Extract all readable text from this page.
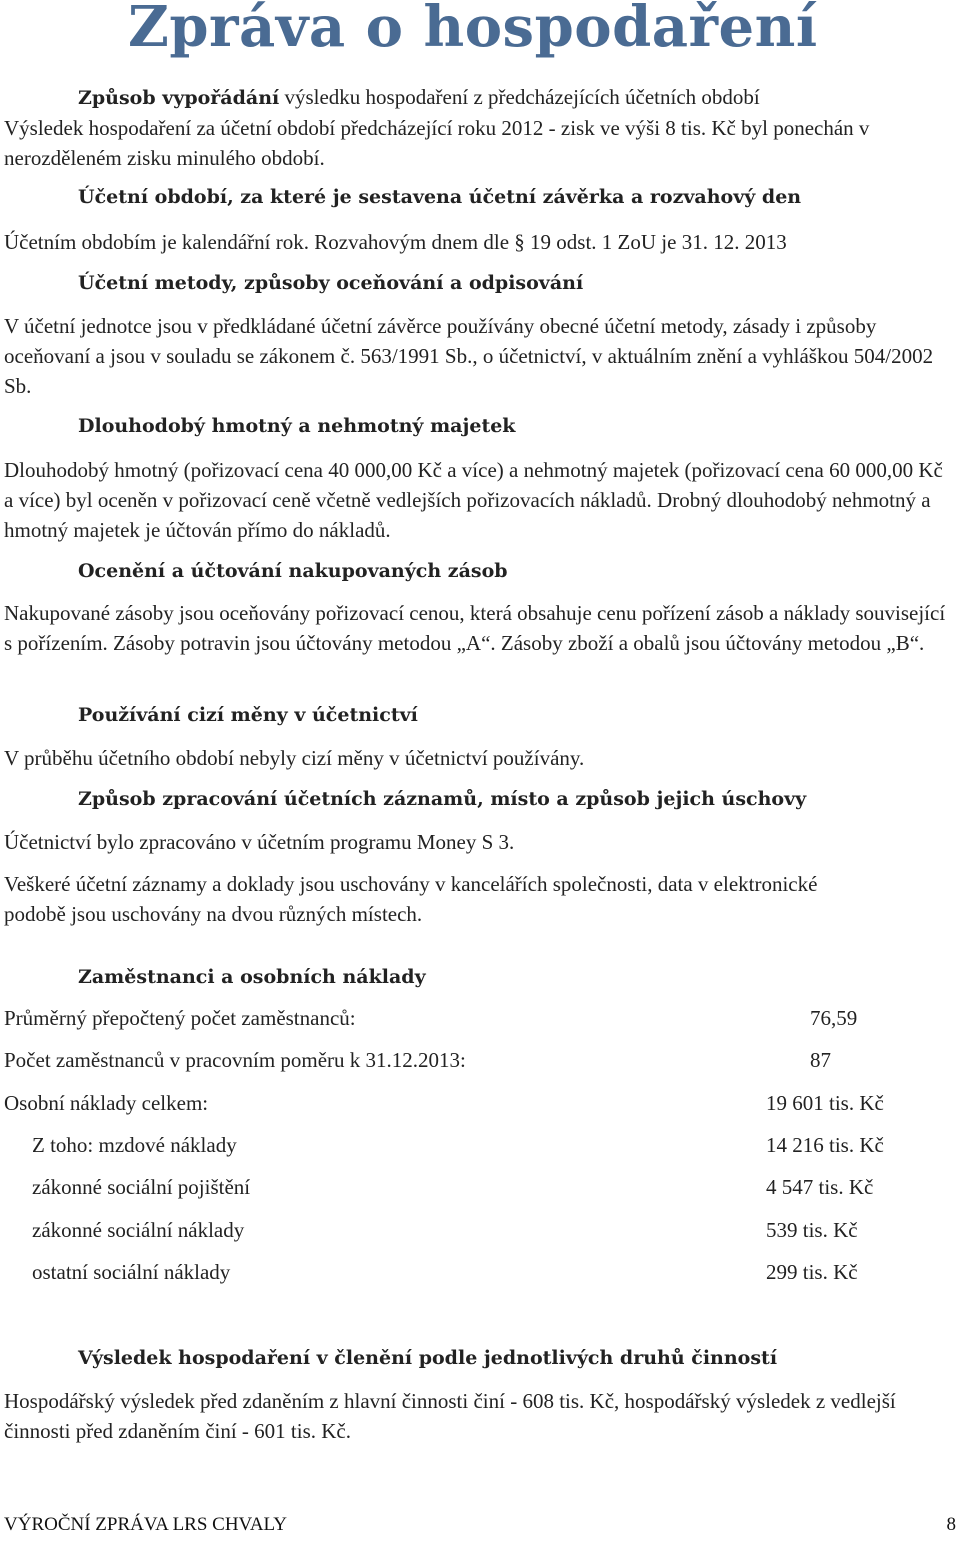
Zpráva o hospodaření
Způsob vypořádání výsledku hospodaření z předcházejících účetních období
Výsledek hospodaření za účetní období předcházející roku 2012 - zisk ve výši 8 tis. Kč byl ponechán v nerozděleném zisku minulého období.
Účetní období, za které je sestavena účetní závěrka a rozvahový den
Účetním obdobím je kalendářní rok. Rozvahovým dnem dle § 19 odst. 1 ZoU je 31. 12. 2013
Účetní metody, způsoby oceňování a odpisování
V účetní jednotce jsou v předkládané účetní závěrce používány obecné účetní metody, zásady i způsoby oceňovaní a jsou v souladu se zákonem č. 563/1991 Sb., o účetnictví, v aktuálním znění a vyhláškou 504/2002 Sb.
Dlouhodobý hmotný a nehmotný majetek
Dlouhodobý hmotný (pořizovací cena 40 000,00 Kč a více) a nehmotný majetek (pořizovací cena 60 000,00 Kč a více) byl oceněn v pořizovací ceně včetně vedlejších pořizovacích nákladů. Drobný dlouhodobý nehmotný a hmotný majetek je účtován přímo do nákladů.
Ocenění a účtování nakupovaných zásob
Nakupované zásoby jsou oceňovány pořizovací cenou, která obsahuje cenu pořízení zásob a náklady související s pořízením. Zásoby potravin jsou účtovány metodou „A“. Zásoby zboží a obalů jsou účtovány metodou „B“.
Používání cizí měny v účetnictví
V průběhu účetního období nebyly cizí měny v účetnictví používány.
Způsob zpracování účetních záznamů, místo a způsob jejich úschovy
Účetnictví bylo zpracováno v účetním programu Money S 3.
Veškeré účetní záznamy a doklady jsou uschovány v kancelářích společnosti, data v elektronické podobě jsou uschovány na dvou různých místech.
Zaměstnanci a osobních náklady
Průměrný přepočtený počet zaměstnanců:	76,59
Počet zaměstnanců v pracovním poměru k 31.12.2013:	87
Osobní náklady celkem:	19 601 tis. Kč
Z toho: mzdové náklady	14 216 tis. Kč
zákonné sociální pojištění	4 547 tis. Kč
zákonné sociální náklady	539 tis. Kč
ostatní sociální náklady	299 tis. Kč
Výsledek hospodaření v členění podle jednotlivých druhů činností
Hospodářský výsledek před zdaněním z hlavní činnosti činí - 608 tis. Kč, hospodářský výsledek z vedlejší činnosti před zdaněním činí - 601 tis. Kč.
VÝROČNÍ ZPRÁVA LRS CHVALY	8
